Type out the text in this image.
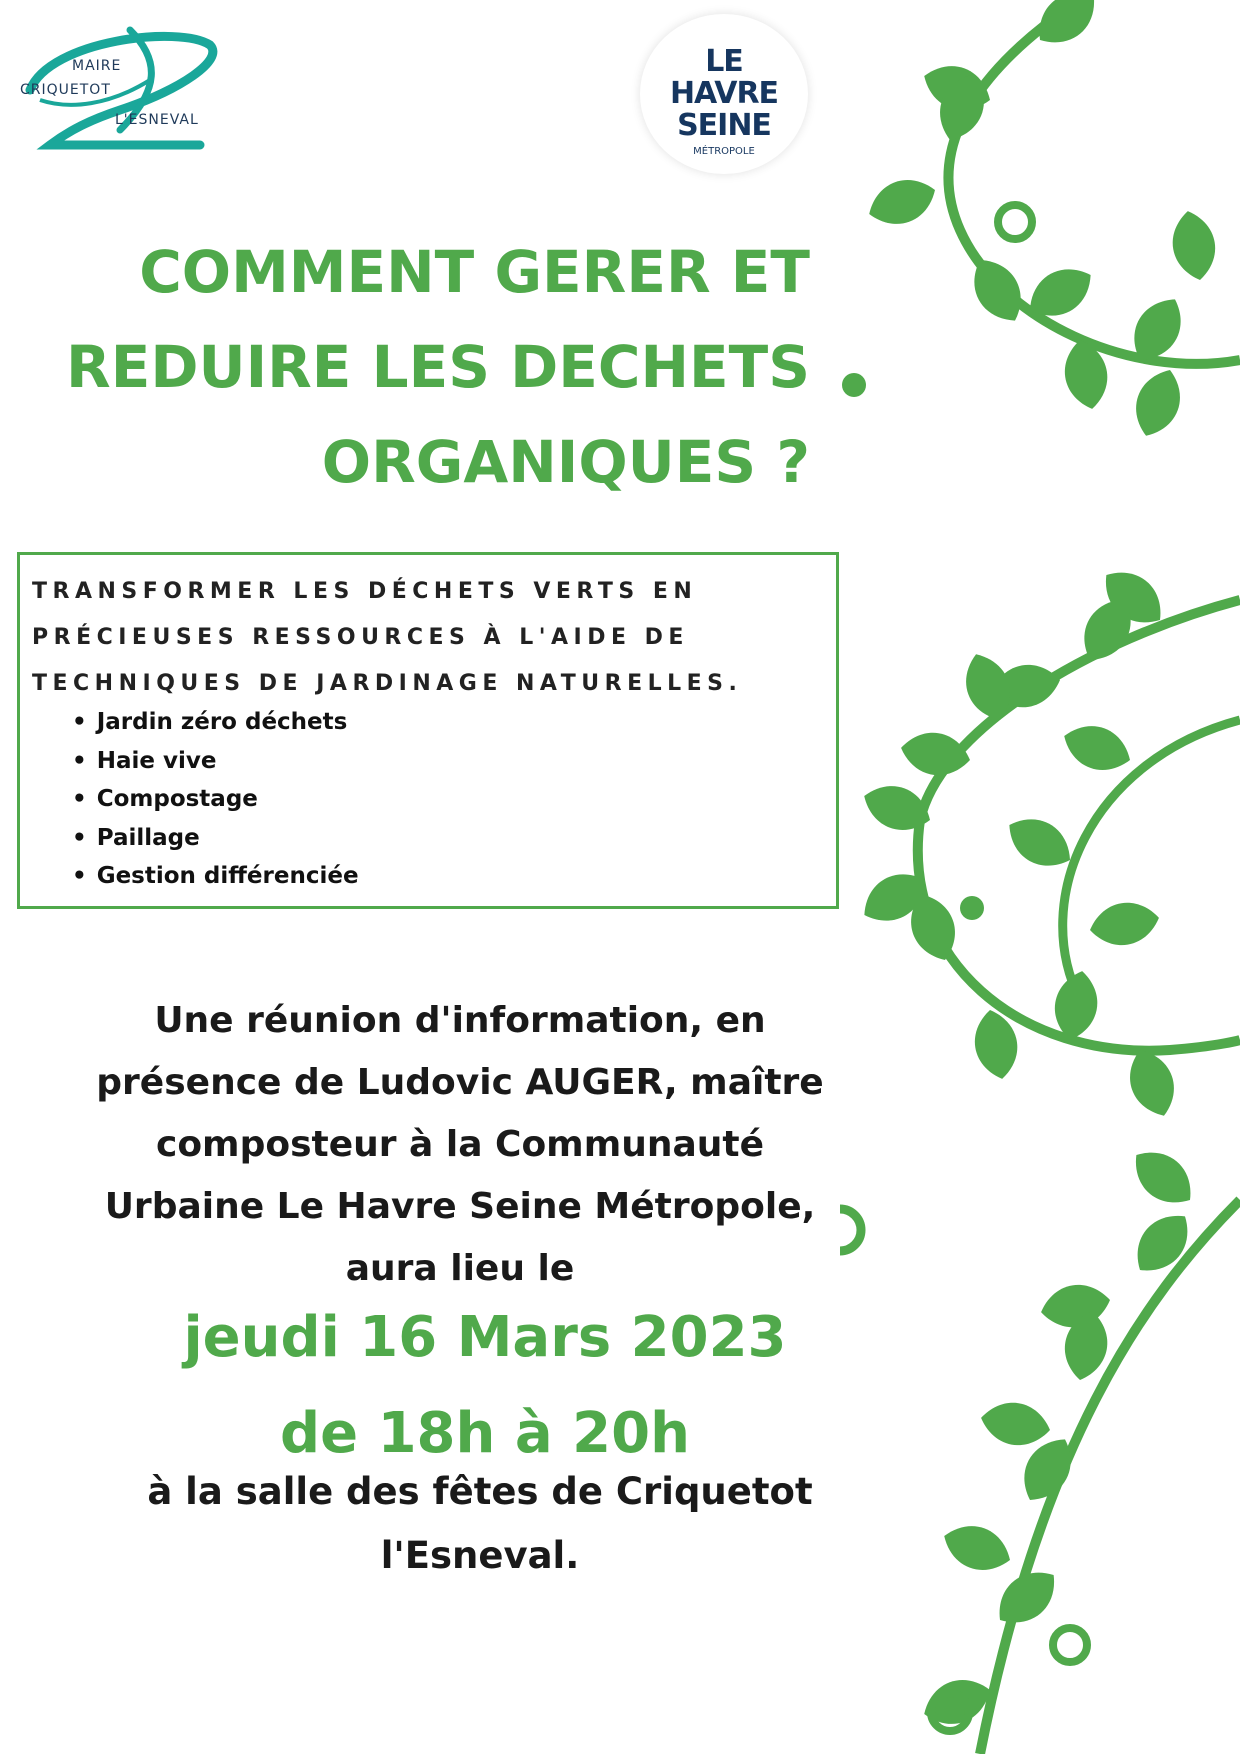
MAIRE
CRIQUETOT
L'ESNEVAL
LE
HAVRE
SEINE
MÉTROPOLE
COMMENT GERER ET
REDUIRE LES DECHETS
ORGANIQUES ?
TRANSFORMER LES DÉCHETS VERTS EN
PRÉCIEUSES RESSOURCES À L'AIDE DE
TECHNIQUES DE JARDINAGE NATURELLES.
• Jardin zéro déchets
• Haie vive
• Compostage
• Paillage
• Gestion différenciée
Une réunion d'information, en
présence de Ludovic AUGER, maître
composteur à la Communauté
Urbaine Le Havre Seine Métropole,
aura lieu le
jeudi 16 Mars 2023
de 18h à 20h
à la salle des fêtes de Criquetot
l'Esneval.
